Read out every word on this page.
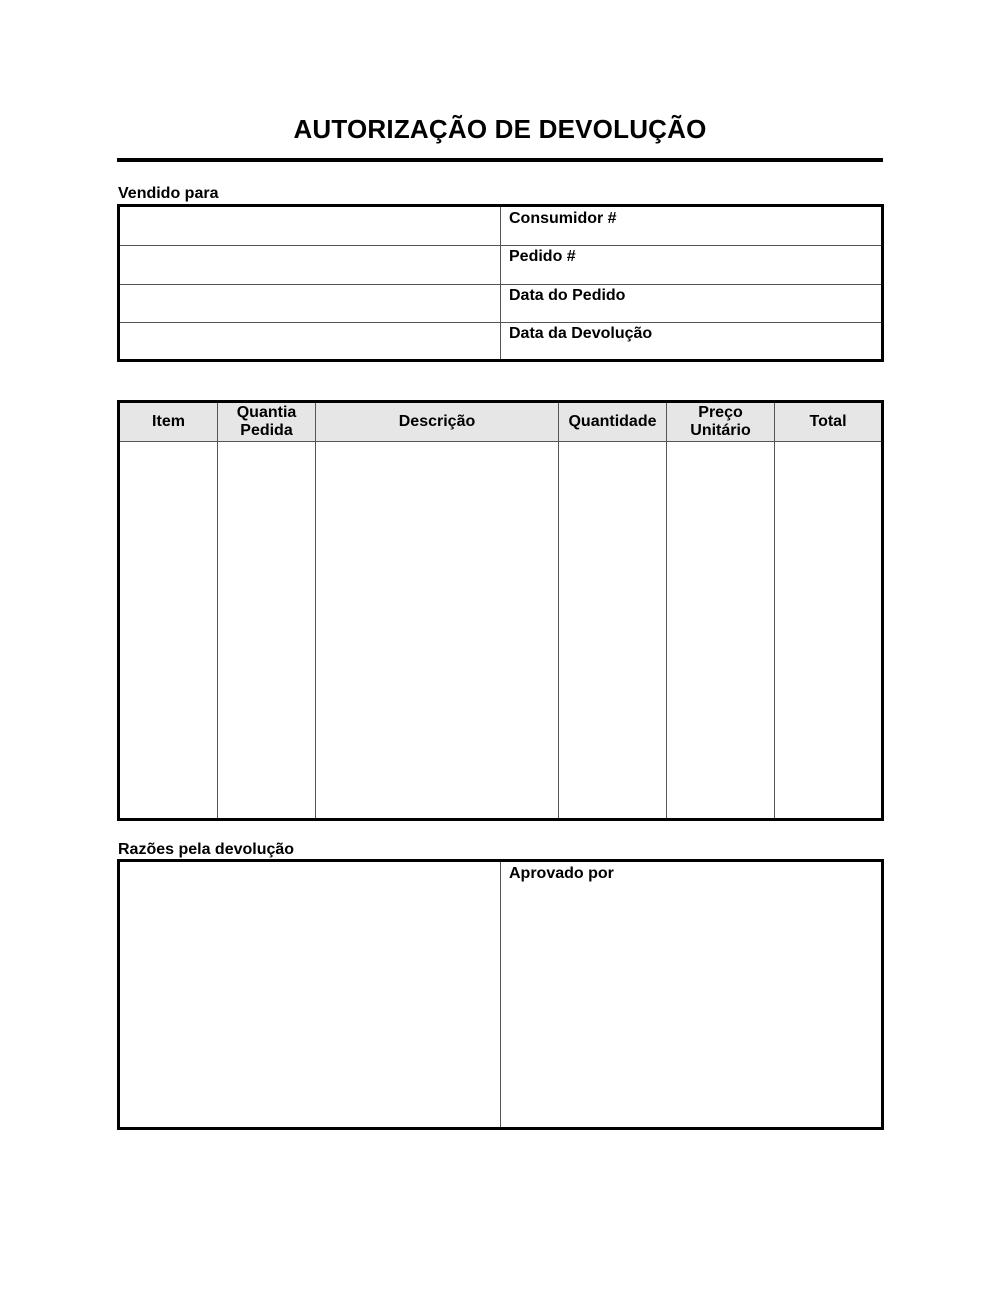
AUTORIZAÇÃO DE DEVOLUÇÃO
Vendido para
Consumidor #
Pedido #
Data do Pedido
Data da Devolução
Item
Quantia
Pedida
Descrição	Quantidade
Preço
Unitário
Total
Razões pela devolução
Aprovado por
